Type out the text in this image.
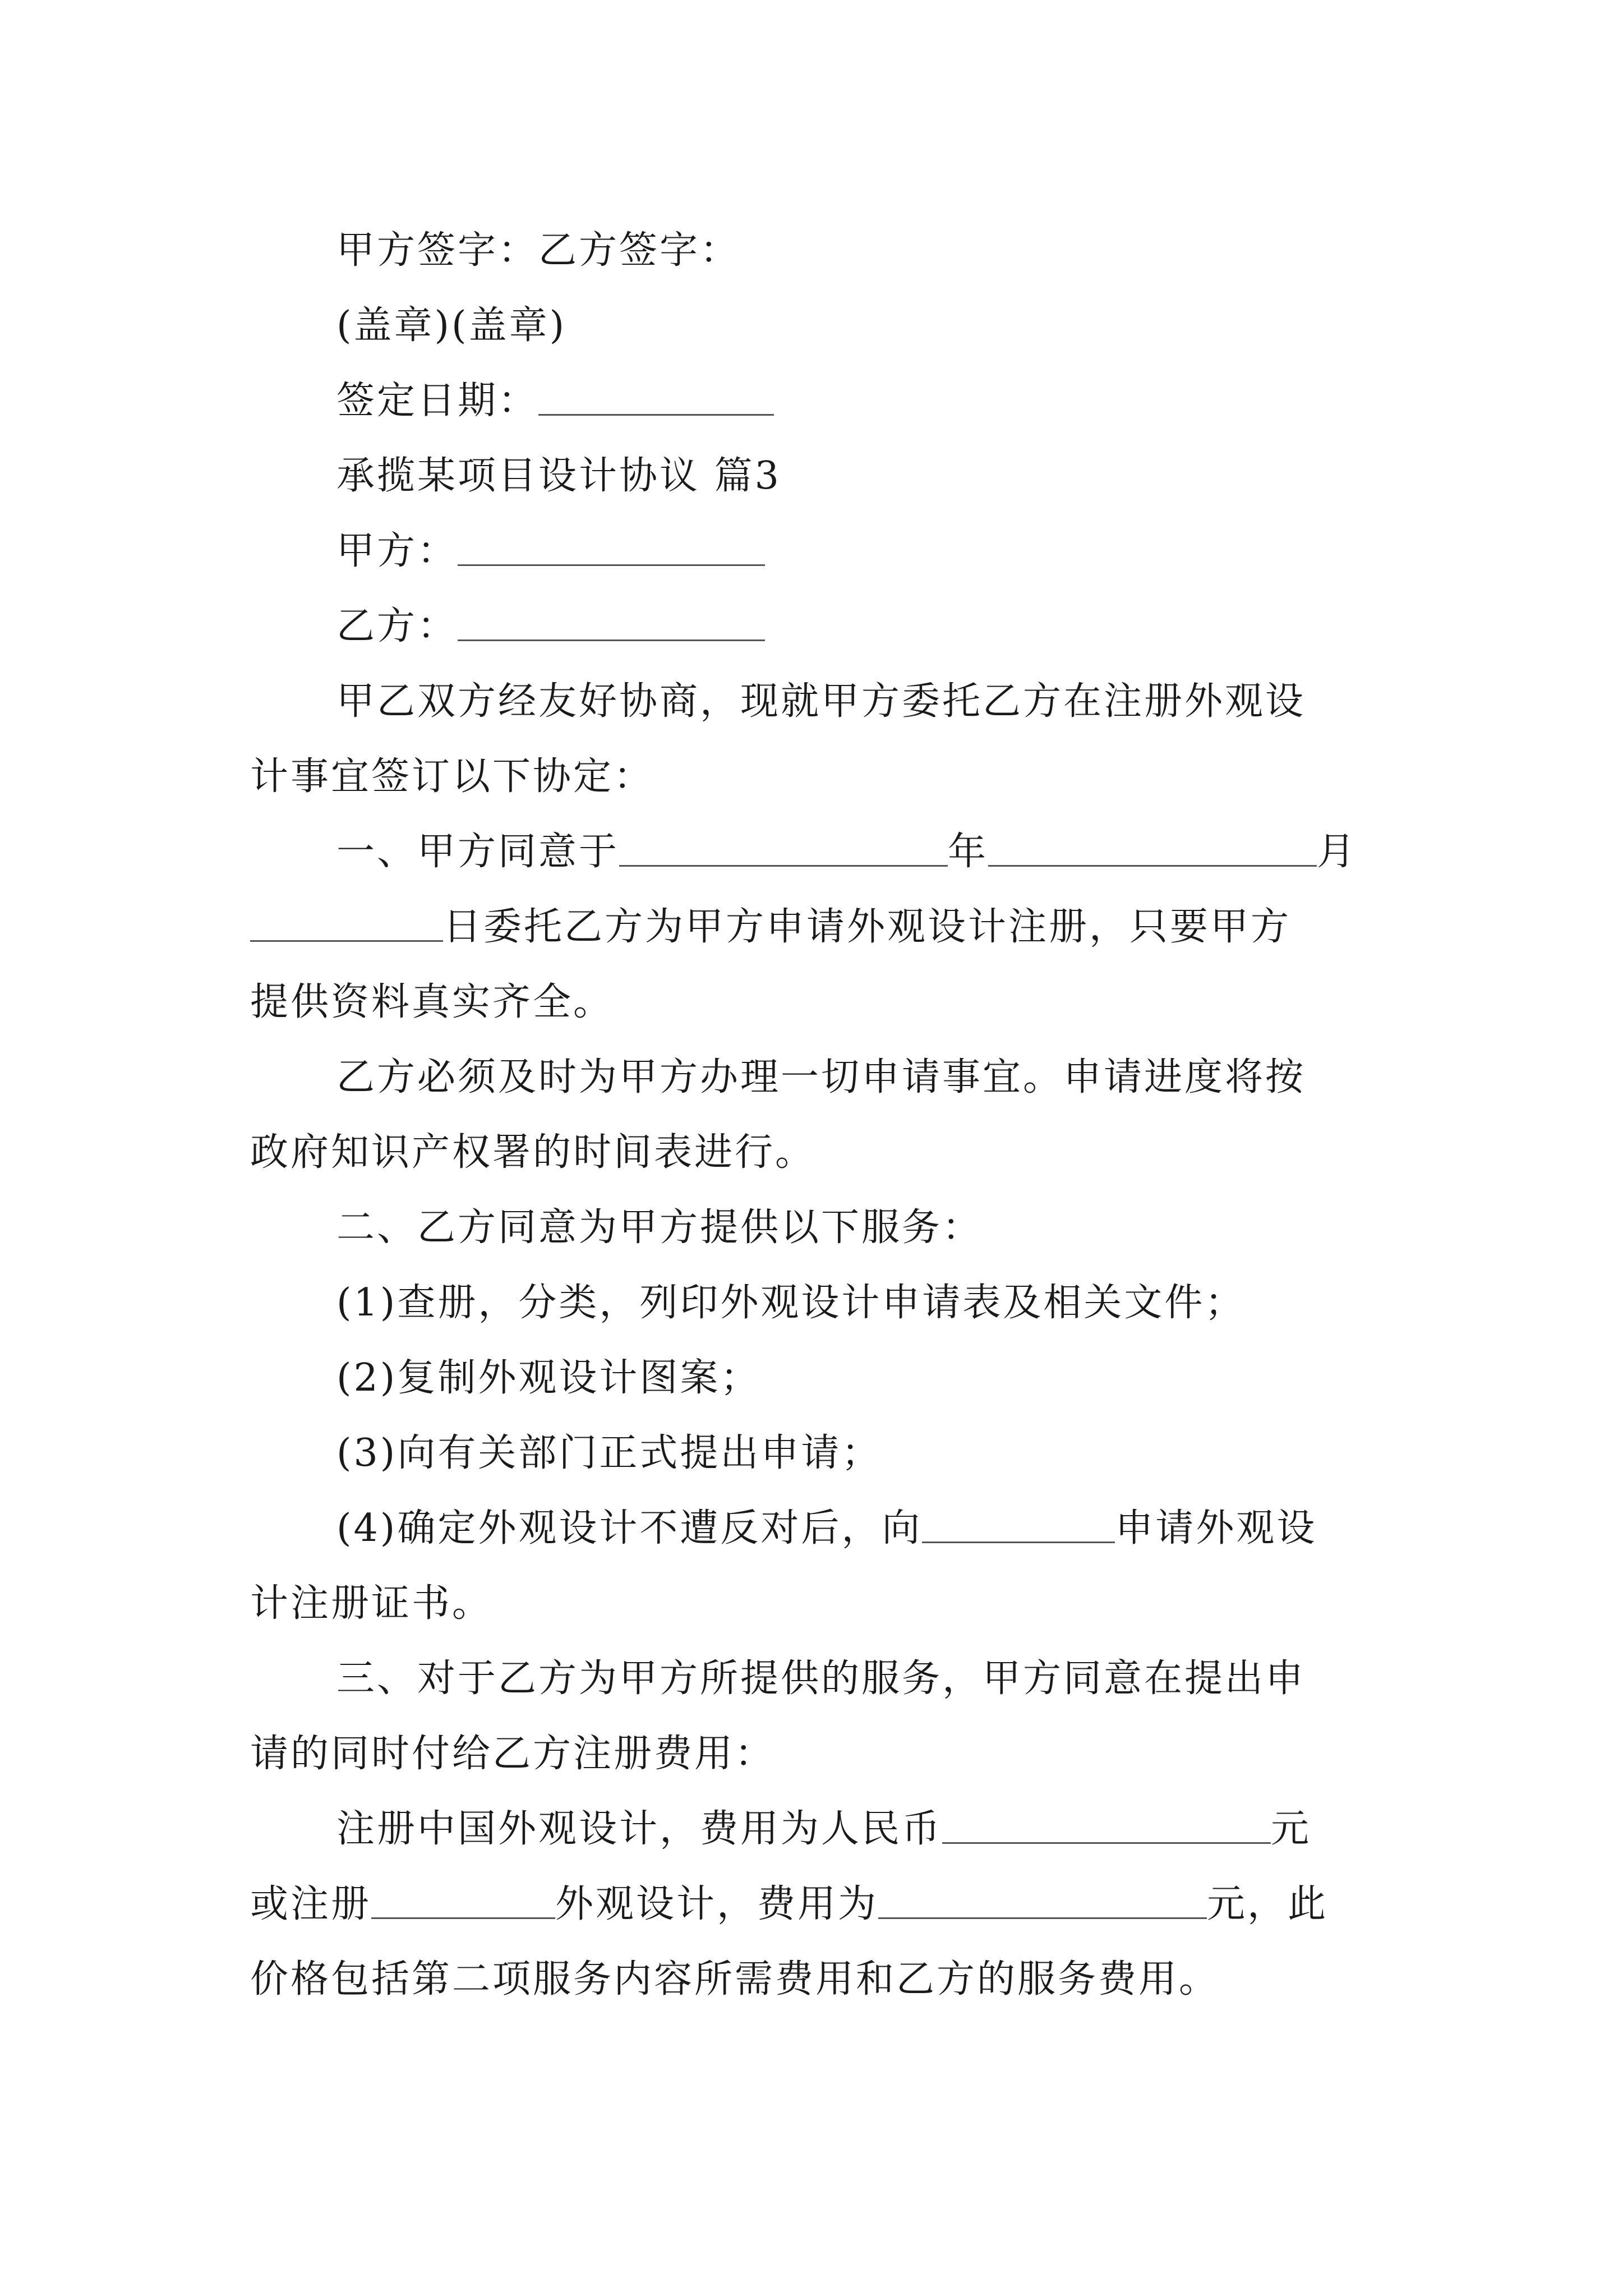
甲方签字：乙方签字：
(盖章)(盖章)
签定日期：
承揽某项目设计协议 篇3
甲方：
乙方：
甲乙双方经友好协商，现就甲方委托乙方在注册外观设
计事宜签订以下协定：
一、甲方同意于	年	月
日委托乙方为甲方申请外观设计注册，只要甲方
提供资料真实齐全。
乙方必须及时为甲方办理一切申请事宜。申请进度将按
政府知识产权署的时间表进行。
二、乙方同意为甲方提供以下服务：
(1)查册，分类，列印外观设计申请表及相关文件；
(2)复制外观设计图案；
(3)向有关部门正式提出申请；
(4)确定外观设计不遭反对后，向	申请外观设
计注册证书。
三、对于乙方为甲方所提供的服务，甲方同意在提出申
请的同时付给乙方注册费用：
注册中国外观设计，费用为人民币	元
或注册	外观设计，费用为	元，此
价格包括第二项服务内容所需费用和乙方的服务费用。
